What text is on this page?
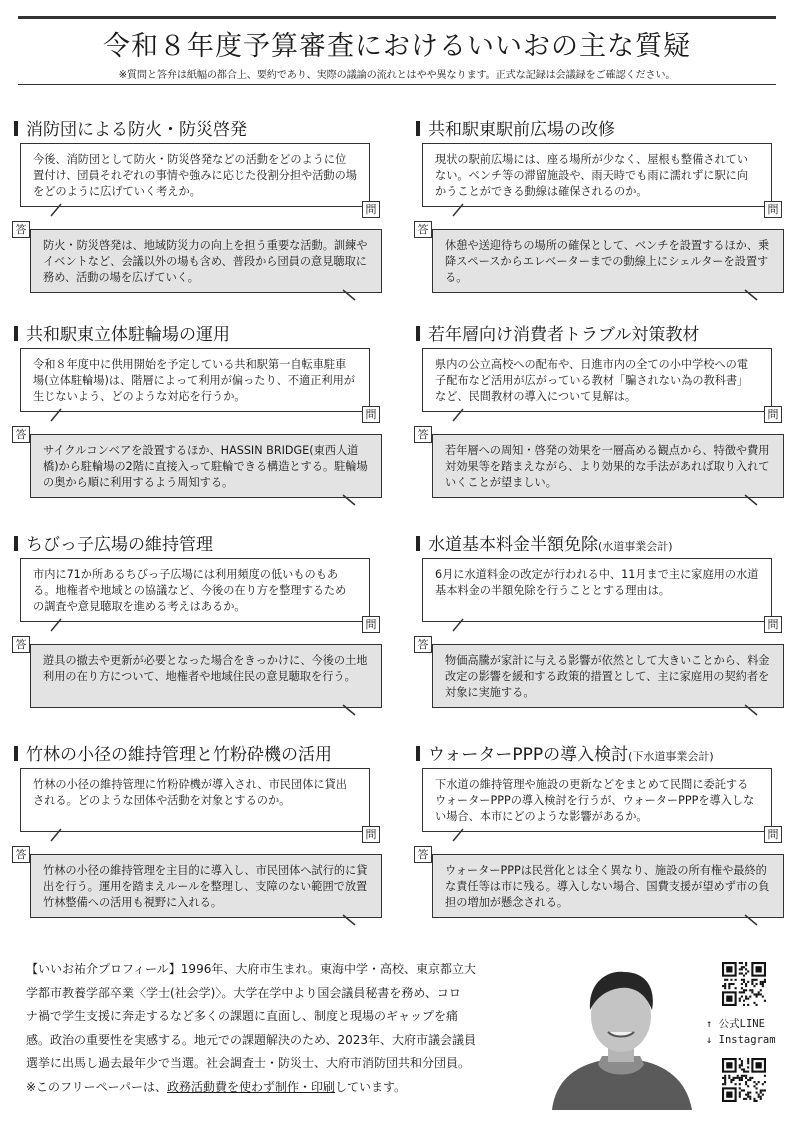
令和８年度予算審査におけるいいおの主な質疑
※質問と答弁は紙幅の都合上、要約であり、実際の議論の流れとはやや異なります。正式な記録は会議録をご確認ください。
消防団による防火・防災啓発
今後、消防団として防火・防災啓発などの活動をどのように位置付け、団員それぞれの事情や強みに応じた役割分担や活動の場をどのように広げていく考えか。
問
答
防火・防災啓発は、地域防災力の向上を担う重要な活動。訓練やイベントなど、会議以外の場も含め、普段から団員の意見聴取に務め、活動の場を広げていく。
共和駅東駅前広場の改修
現状の駅前広場には、座る場所が少なく、屋根も整備されていない。ベンチ等の滞留施設や、雨天時でも雨に濡れずに駅に向かうことができる動線は確保されるのか。
問
答
休憩や送迎待ちの場所の確保として、ベンチを設置するほか、乗降スペースからエレベーターまでの動線上にシェルターを設置する。
共和駅東立体駐輪場の運用
令和８年度中に供用開始を予定している共和駅第一自転車駐車場(立体駐輪場)は、階層によって利用が偏ったり、不適正利用が生じないよう、どのような対応を行うか。
問
答
サイクルコンベアを設置するほか、HASSIN BRIDGE(東西人道橋)から駐輪場の2階に直接入って駐輪できる構造とする。駐輪場の奥から順に利用するよう周知する。
若年層向け消費者トラブル対策教材
県内の公立高校への配布や、日進市内の全ての小中学校への電子配布など活用が広がっている教材「騙されない為の教科書」など、民間教材の導入について見解は。
問
答
若年層への周知・啓発の効果を一層高める観点から、特徴や費用対効果等を踏まえながら、より効果的な手法があれば取り入れていくことが望ましい。
ちびっ子広場の維持管理
市内に71か所あるちびっ子広場には利用頻度の低いものもある。地権者や地域との協議など、今後の在り方を整理するための調査や意見聴取を進める考えはあるか。
問
答
遊具の撤去や更新が必要となった場合をきっかけに、今後の土地利用の在り方について、地権者や地域住民の意見聴取を行う。
水道基本料金半額免除(水道事業会計)
6月に水道料金の改定が行われる中、11月まで主に家庭用の水道基本料金の半額免除を行うこととする理由は。
問
答
物価高騰が家計に与える影響が依然として大きいことから、料金改定の影響を緩和する政策的措置として、主に家庭用の契約者を対象に実施する。
竹林の小径の維持管理と竹粉砕機の活用
竹林の小径の維持管理に竹粉砕機が導入され、市民団体に貸出される。どのような団体や活動を対象とするのか。
問
答
竹林の小径の維持管理を主目的に導入し、市民団体へ試行的に貸出を行う。運用を踏まえルールを整理し、支障のない範囲で放置竹林整備への活用も視野に入れる。
ウォーターPPPの導入検討(下水道事業会計)
下水道の維持管理や施設の更新などをまとめて民間に委託するウォーターPPPの導入検討を行うが、ウォーターPPPを導入しない場合、本市にどのような影響があるか。
問
答
ウォーターPPPは民営化とは全く異なり、施設の所有権や最終的な責任等は市に残る。導入しない場合、国費支援が望めず市の負担の増加が懸念される。
【いいお祐介プロフィール】1996年、大府市生まれ。東海中学・高校、東京都立大
学都市教養学部卒業〈学士(社会学)〉。大学在学中より国会議員秘書を務め、コロ
ナ禍で学生支援に奔走するなど多くの課題に直面し、制度と現場のギャップを痛
感。政治の重要性を実感する。地元での課題解決のため、2023年、大府市議会議員
選挙に出馬し過去最年少で当選。社会調査士・防災士、大府市消防団共和分団員。
※このフリーペーパーは、政務活動費を使わず制作・印刷しています。
↑ 公式LINE
↓ Instagram
